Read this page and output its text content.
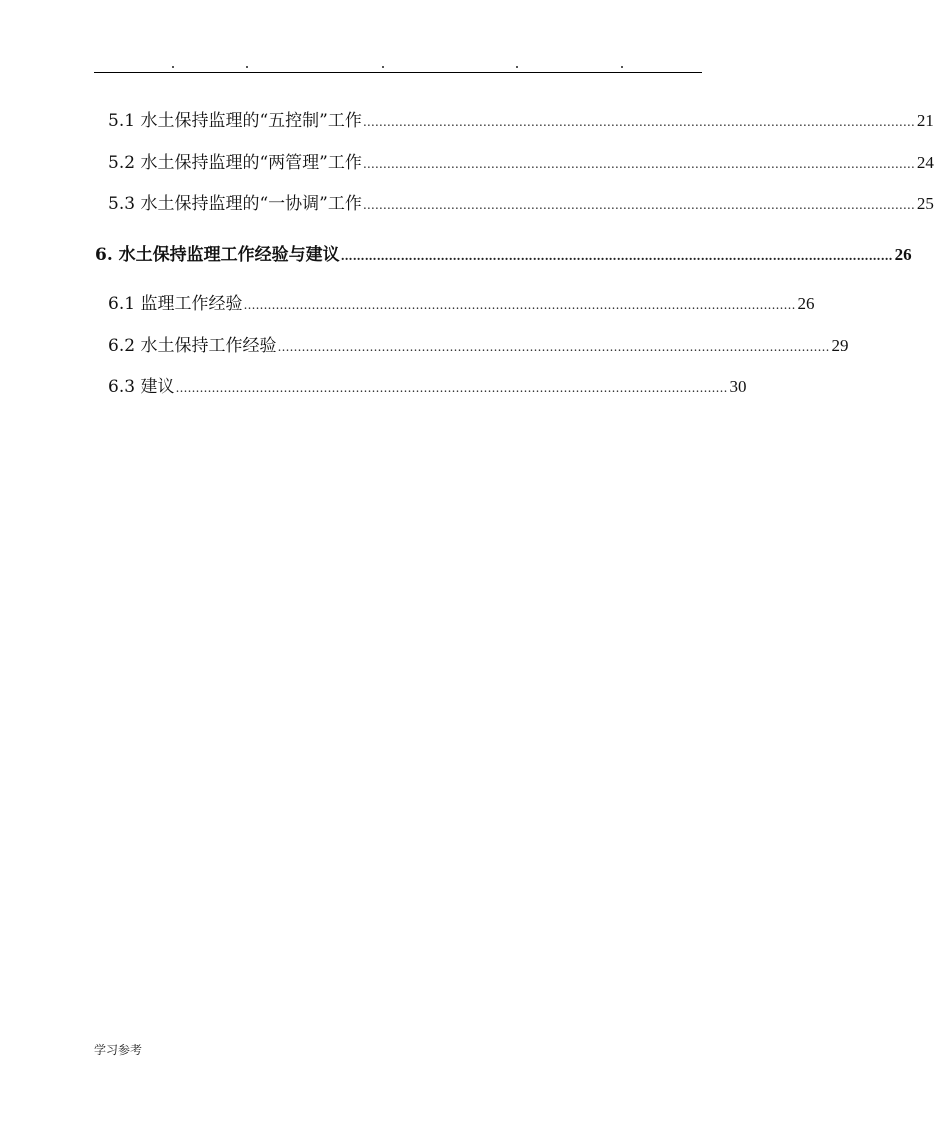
5.1 水土保持监理的“五控制”工作 ………………………………………………………………………………………………………………………… 21
5.2 水土保持监理的“两管理”工作 ………………………………………………………………………………………………………………………… 24
5.3 水土保持监理的“一协调”工作 ………………………………………………………………………………………………………………………… 25
6. 水土保持监理工作经验与建议 ………………………………………………………………………………………………………………………… 26
6.1 监理工作经验 ………………………………………………………………………………………………………………………… 26
6.2 水土保持工作经验 ………………………………………………………………………………………………………………………… 29
6.3 建议 ………………………………………………………………………………………………………………………… 30
学习参考
